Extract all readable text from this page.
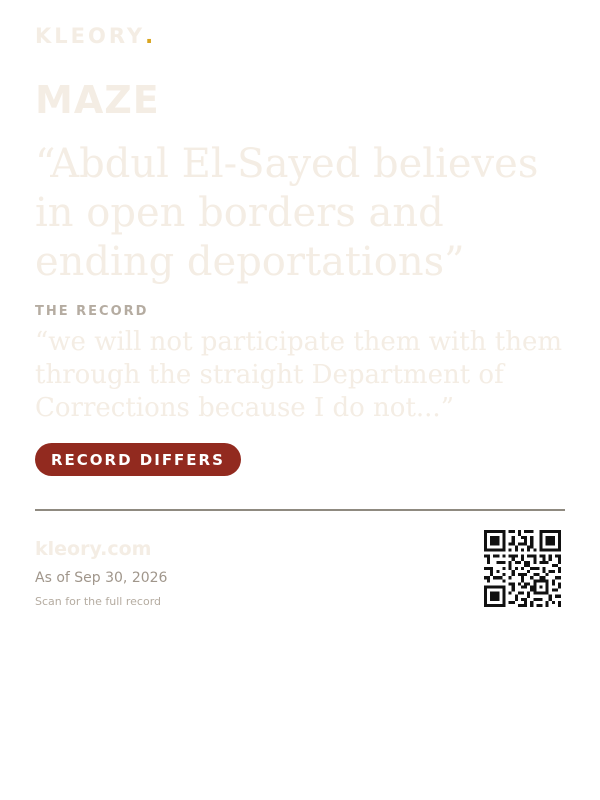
KLEORY.
MAZE
“Abdul El-Sayed believes in open borders and ending deportations”
THE RECORD
“we will not participate them with them through the straight Department of Corrections because I do not...”
RECORD DIFFERS
kleory.com
As of Sep 30, 2026
Scan for the full record
